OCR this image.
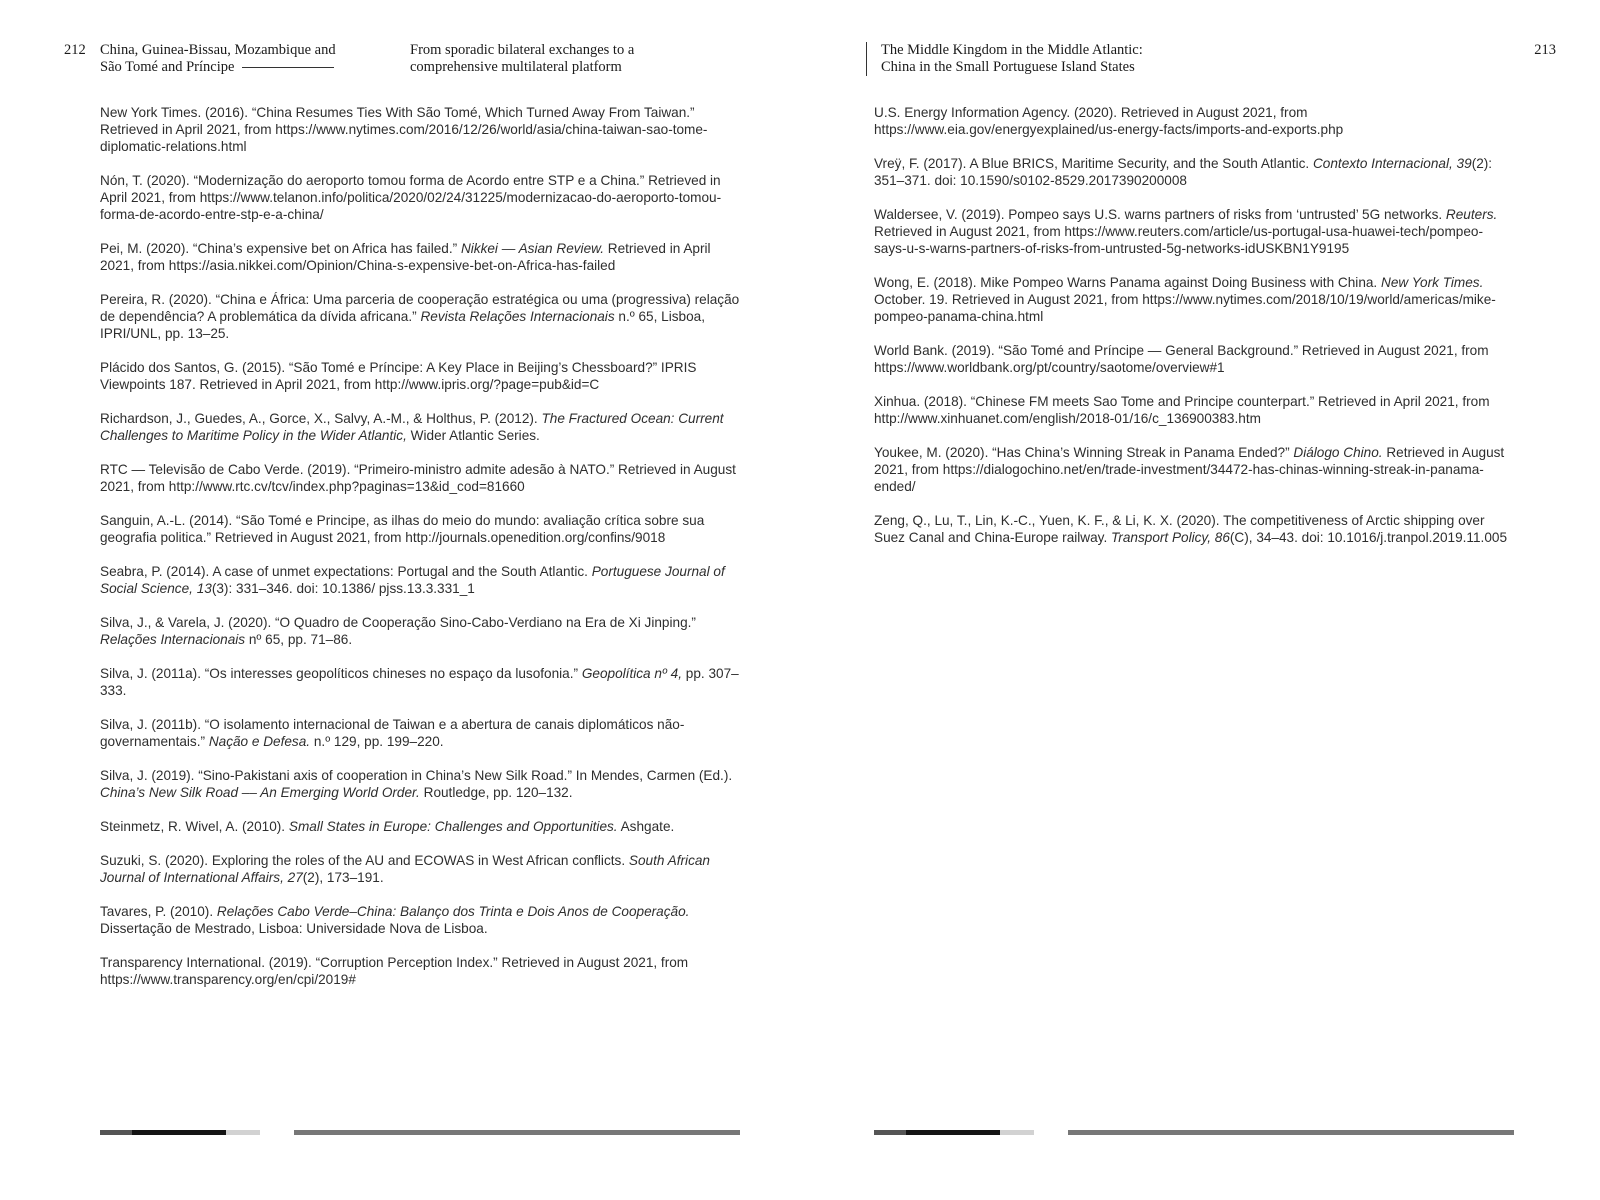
212 China, Guinea-Bissau, Mozambique and
São Tomé and Príncipe
From sporadic bilateral exchanges to a
comprehensive multilateral platform
New York Times. (2016). “China Resumes Ties With São Tomé, Which Turned Away From Taiwan.” Retrieved in April 2021, from https://www.nytimes.com/2016/12/26/world/asia/china-taiwan-sao-tome-diplomatic-relations.html
Nón, T. (2020). “Modernização do aeroporto tomou forma de Acordo entre STP e a China.” Retrieved in April 2021, from https://www.telanon.info/politica/2020/02/24/31225/modernizacao-do-aeroporto-tomou-forma-de-acordo-entre-stp-e-a-china/
Pei, M. (2020). “China’s expensive bet on Africa has failed.” Nikkei — Asian Review. Retrieved in April 2021, from https://asia.nikkei.com/Opinion/China-s-expensive-bet-on-Africa-has-failed
Pereira, R. (2020). “China e África: Uma parceria de cooperação estratégica ou uma (progressiva) relação de dependência? A problemática da dívida africana.” Revista Relações Internacionais n.º 65, Lisboa, IPRI/UNL, pp. 13–25.
Plácido dos Santos, G. (2015). “São Tomé e Príncipe: A Key Place in Beijing’s Chessboard?” IPRIS Viewpoints 187. Retrieved in April 2021, from http://www.ipris.org/?page=pub&id=C
Richardson, J., Guedes, A., Gorce, X., Salvy, A.-M., & Holthus, P. (2012). The Fractured Ocean: Current Challenges to Maritime Policy in the Wider Atlantic, Wider Atlantic Series.
RTC — Televisão de Cabo Verde. (2019). “Primeiro-ministro admite adesão à NATO.” Retrieved in August 2021, from http://www.rtc.cv/tcv/index.php?paginas=13&id_cod=81660
Sanguin, A.-L. (2014). “São Tomé e Principe, as ilhas do meio do mundo: avaliação crítica sobre sua geografia politica.” Retrieved in August 2021, from http://journals.openedition.org/confins/9018
Seabra, P. (2014). A case of unmet expectations: Portugal and the South Atlantic. Portuguese Journal of Social Science, 13(3): 331–346. doi: 10.1386/ pjss.13.3.331_1
Silva, J., & Varela, J. (2020). “O Quadro de Cooperação Sino-Cabo-Verdiano na Era de Xi Jinping.” Relações Internacionais nº 65, pp. 71–86.
Silva, J. (2011a). “Os interesses geopolíticos chineses no espaço da lusofonia.” Geopolítica nº 4, pp. 307–333.
Silva, J. (2011b). “O isolamento internacional de Taiwan e a abertura de canais diplomáticos não-governamentais.” Nação e Defesa. n.º 129, pp. 199–220.
Silva, J. (2019). “Sino-Pakistani axis of cooperation in China’s New Silk Road.” In Mendes, Carmen (Ed.). China’s New Silk Road –– An Emerging World Order. Routledge, pp. 120–132.
Steinmetz, R. Wivel, A. (2010). Small States in Europe: Challenges and Opportunities. Ashgate.
Suzuki, S. (2020). Exploring the roles of the AU and ECOWAS in West African conflicts. South African Journal of International Affairs, 27(2), 173–191.
Tavares, P. (2010). Relações Cabo Verde–China: Balanço dos Trinta e Dois Anos de Cooperação. Dissertação de Mestrado, Lisboa: Universidade Nova de Lisboa.
Transparency International. (2019). “Corruption Perception Index.” Retrieved in August 2021, from https://www.transparency.org/en/cpi/2019#
The Middle Kingdom in the Middle Atlantic:
China in the Small Portuguese Island States
213
U.S. Energy Information Agency. (2020). Retrieved in August 2021, from https://www.eia.gov/energyexplained/us-energy-facts/imports-and-exports.php
Vreÿ, F. (2017). A Blue BRICS, Maritime Security, and the South Atlantic. Contexto Internacional, 39(2): 351–371. doi: 10.1590/s0102-8529.2017390200008
Waldersee, V. (2019). Pompeo says U.S. warns partners of risks from ‘untrusted’ 5G networks. Reuters. Retrieved in August 2021, from https://www.reuters.com/article/us-portugal-usa-huawei-tech/pompeo-says-u-s-warns-partners-of-risks-from-untrusted-5g-networks-idUSKBN1Y9195
Wong, E. (2018). Mike Pompeo Warns Panama against Doing Business with China. New York Times. October. 19. Retrieved in August 2021, from https://www.nytimes.com/2018/10/19/world/americas/mike-pompeo-panama-china.html
World Bank. (2019). “São Tomé and Príncipe — General Background.” Retrieved in August 2021, from https://www.worldbank.org/pt/country/saotome/overview#1
Xinhua. (2018). “Chinese FM meets Sao Tome and Principe counterpart.” Retrieved in April 2021, from http://www.xinhuanet.com/english/2018-01/16/c_136900383.htm
Youkee, M. (2020). “Has China’s Winning Streak in Panama Ended?” Diálogo Chino. Retrieved in August 2021, from https://dialogochino.net/en/trade-investment/34472-has-chinas-winning-streak-in-panama-ended/
Zeng, Q., Lu, T., Lin, K.-C., Yuen, K. F., & Li, K. X. (2020). The competitiveness of Arctic shipping over Suez Canal and China-Europe railway. Transport Policy, 86(C), 34–43. doi: 10.1016/j.tranpol.2019.11.005
